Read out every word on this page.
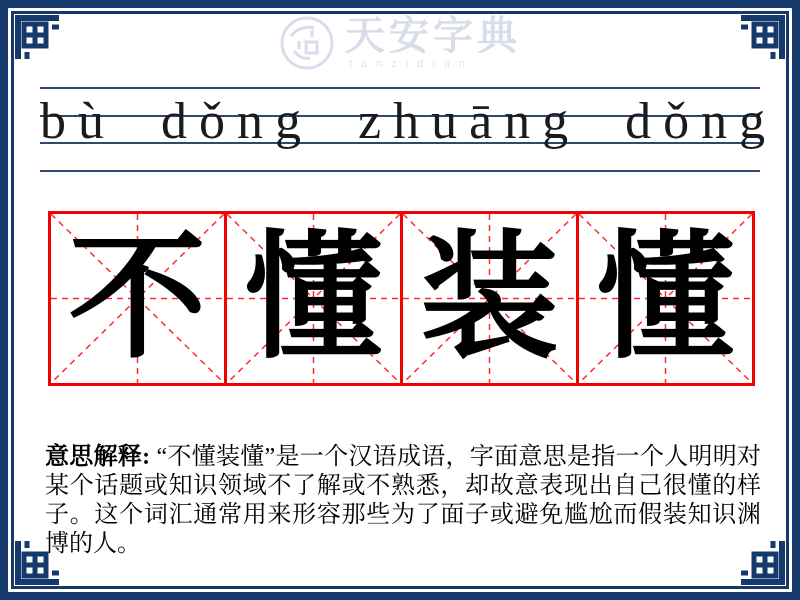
天安字典
tanzidian
bù dǒng zhuāng dǒng
不 懂 装 懂
意思解释: “不懂装懂”是一个汉语成语，字面意思是指一个人明明对某个话题或知识领域不了解或不熟悉，却故意表现出自己很懂的样子。这个词汇通常用来形容那些为了面子或避免尴尬而假装知识渊博的人。
